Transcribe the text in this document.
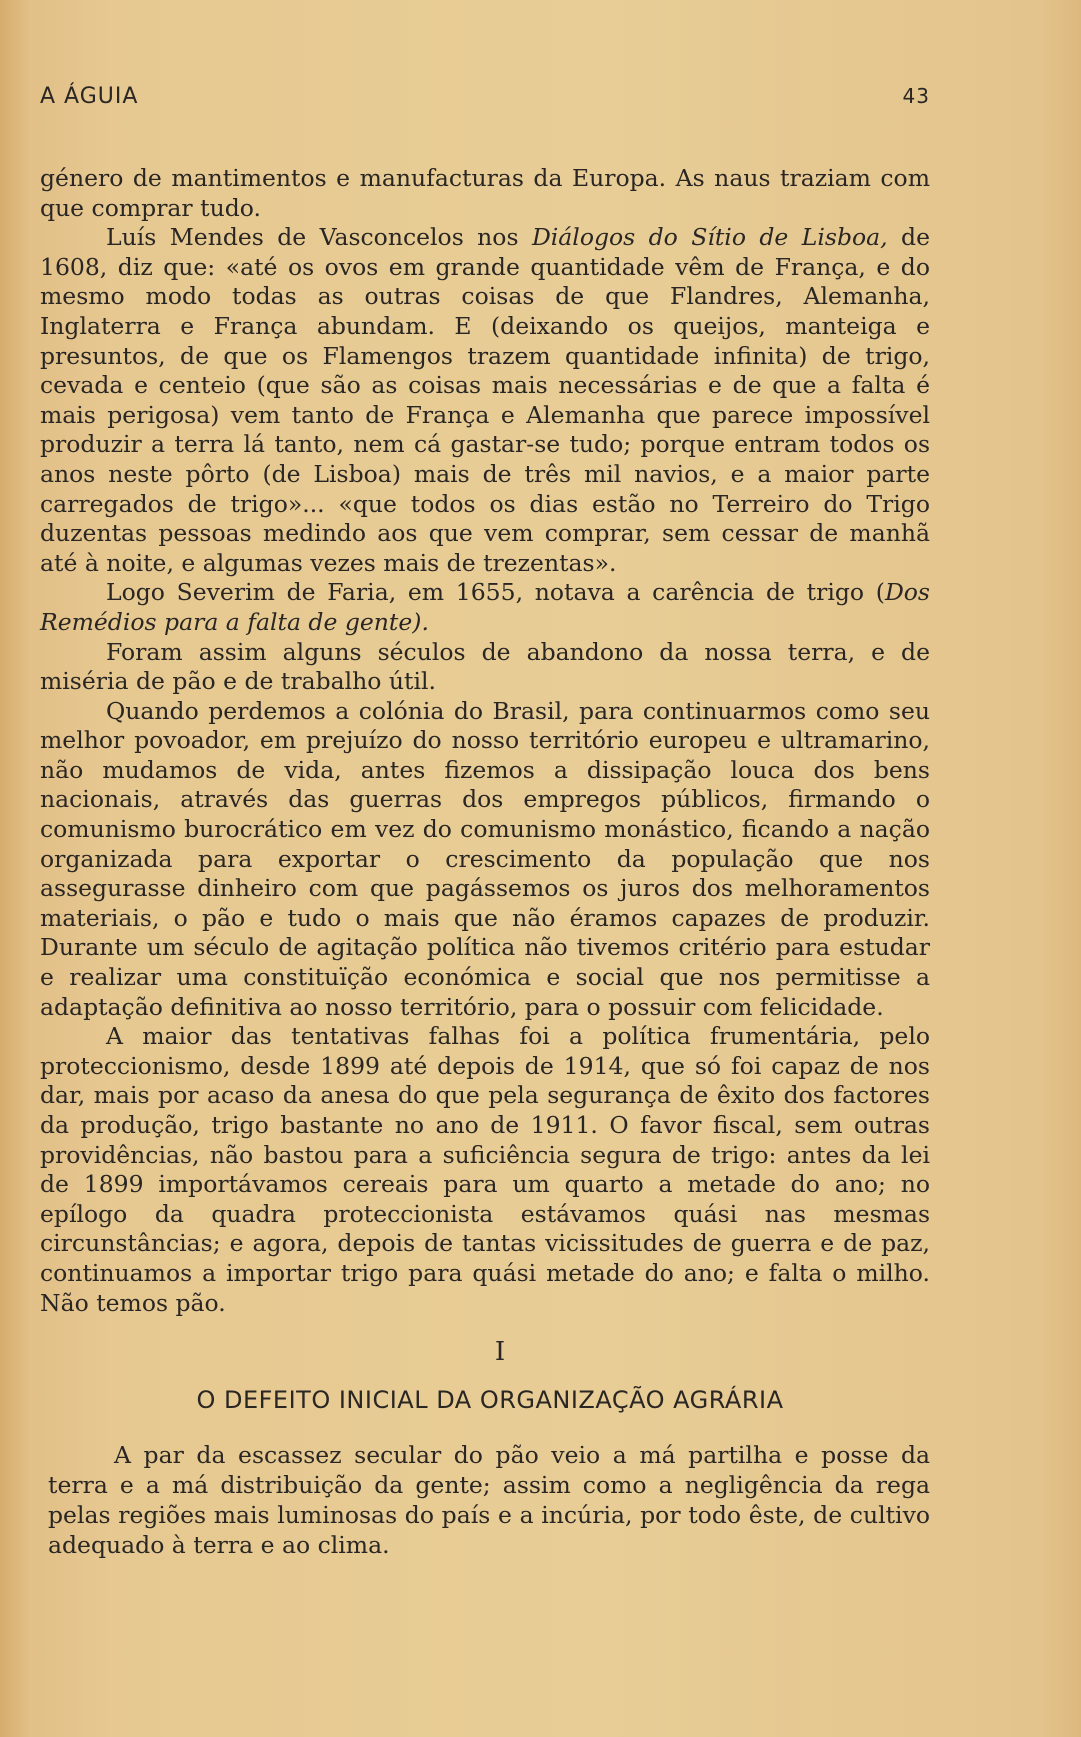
A ÁGUIA	43

género de mantimentos e manufacturas da Europa. As naus traziam com que comprar tudo.

Luís Mendes de Vasconcelos nos Diálogos do Sítio de Lisboa, de 1608, diz que: «até os ovos em grande quantidade vêm de França, e do mesmo modo todas as outras coisas de que Flandres, Alemanha, Inglaterra e França abundam. E (deixando os queijos, manteiga e presuntos, de que os Flamengos trazem quantidade infinita) de trigo, cevada e centeio (que são as coisas mais necessárias e de que a falta é mais perigosa) vem tanto de França e Alemanha que parece impossível produzir a terra lá tanto, nem cá gastar-se tudo; porque entram todos os anos neste pôrto (de Lisboa) mais de três mil navios, e a maior parte carregados de trigo»... «que todos os dias estão no Terreiro do Trigo duzentas pessoas medindo aos que vem comprar, sem cessar de manhã até à noite, e algumas vezes mais de trezentas».

Logo Severim de Faria, em 1655, notava a carência de trigo (Dos Remédios para a falta de gente).

Foram assim alguns séculos de abandono da nossa terra, e de miséria de pão e de trabalho útil.

Quando perdemos a colónia do Brasil, para continuarmos como seu melhor povoador, em prejuízo do nosso território europeu e ultramarino, não mudamos de vida, antes fizemos a dissipação louca dos bens nacionais, através das guerras dos empregos públicos, firmando o comunismo burocrático em vez do comunismo monástico, ficando a nação organizada para exportar o crescimento da população que nos assegurasse dinheiro com que pagássemos os juros dos melhoramentos materiais, o pão e tudo o mais que não éramos capazes de produzir. Durante um século de agitação política não tivemos critério para estudar e realizar uma constituïção económica e social que nos permitisse a adaptação definitiva ao nosso território, para o possuir com felicidade.

A maior das tentativas falhas foi a política frumentária, pelo proteccionismo, desde 1899 até depois de 1914, que só foi capaz de nos dar, mais por acaso da anesa do que pela segurança de êxito dos factores da produção, trigo bastante no ano de 1911. O favor fiscal, sem outras providências, não bastou para a suficiência segura de trigo: antes da lei de 1899 importávamos cereais para um quarto a metade do ano; no epílogo da quadra proteccionista estávamos quási nas mesmas circunstâncias; e agora, depois de tantas vicissitudes de guerra e de paz, continuamos a importar trigo para quási metade do ano; e falta o milho. Não temos pão.

I
O DEFEITO INICIAL DA ORGANIZAÇÃO AGRÁRIA

A par da escassez secular do pão veio a má partilha e posse da terra e a má distribuição da gente; assim como a negligência da rega pelas regiões mais luminosas do país e a incúria, por todo êste, de cultivo adequado à terra e ao clima.
